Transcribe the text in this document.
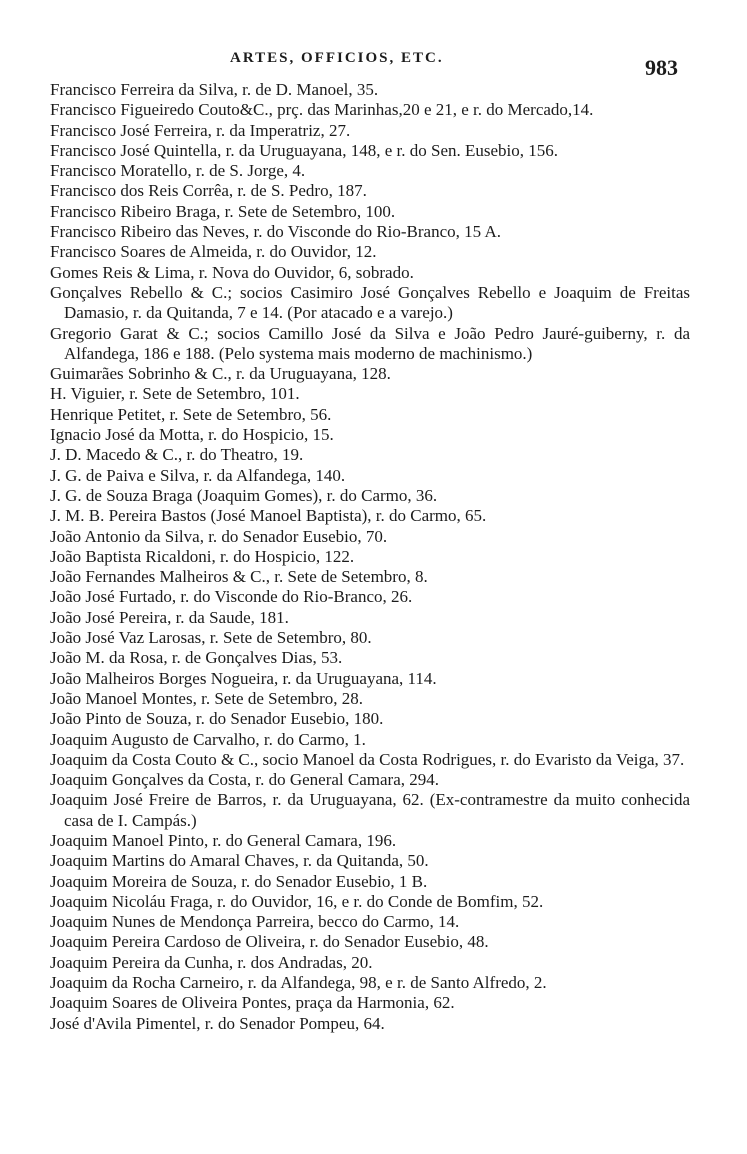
ARTES, OFFICIOS, ETC.	983
Francisco Ferreira da Silva, r. de D. Manoel, 35.
Francisco Figueiredo Couto&C., prç. das Marinhas,20 e 21, e r. do Mercado,14.
Francisco José Ferreira, r. da Imperatriz, 27.
Francisco José Quintella, r. da Uruguayana, 148, e r. do Sen. Eusebio, 156.
Francisco Moratello, r. de S. Jorge, 4.
Francisco dos Reis Corrêa, r. de S. Pedro, 187.
Francisco Ribeiro Braga, r. Sete de Setembro, 100.
Francisco Ribeiro das Neves, r. do Visconde do Rio-Branco, 15 A.
Francisco Soares de Almeida, r. do Ouvidor, 12.
Gomes Reis & Lima, r. Nova do Ouvidor, 6, sobrado.
Gonçalves Rebello & C.; socios Casimiro José Gonçalves Rebello e Joaquim de Freitas Damasio, r. da Quitanda, 7 e 14. (Por atacado e a varejo.)
Gregorio Garat & C.; socios Camillo José da Silva e João Pedro Jauré-guiberny, r. da Alfandega, 186 e 188. (Pelo systema mais moderno de machinismo.)
Guimarães Sobrinho & C., r. da Uruguayana, 128.
H. Viguier, r. Sete de Setembro, 101.
Henrique Petitet, r. Sete de Setembro, 56.
Ignacio José da Motta, r. do Hospicio, 15.
J. D. Macedo & C., r. do Theatro, 19.
J. G. de Paiva e Silva, r. da Alfandega, 140.
J. G. de Souza Braga (Joaquim Gomes), r. do Carmo, 36.
J. M. B. Pereira Bastos (José Manoel Baptista), r. do Carmo, 65.
João Antonio da Silva, r. do Senador Eusebio, 70.
João Baptista Ricaldoni, r. do Hospicio, 122.
João Fernandes Malheiros & C., r. Sete de Setembro, 8.
João José Furtado, r. do Visconde do Rio-Branco, 26.
João José Pereira, r. da Saude, 181.
João José Vaz Larosas, r. Sete de Setembro, 80.
João M. da Rosa, r. de Gonçalves Dias, 53.
João Malheiros Borges Nogueira, r. da Uruguayana, 114.
João Manoel Montes, r. Sete de Setembro, 28.
João Pinto de Souza, r. do Senador Eusebio, 180.
Joaquim Augusto de Carvalho, r. do Carmo, 1.
Joaquim da Costa Couto & C., socio Manoel da Costa Rodrigues, r. do Evaristo da Veiga, 37.
Joaquim Gonçalves da Costa, r. do General Camara, 294.
Joaquim José Freire de Barros, r. da Uruguayana, 62. (Ex-contramestre da muito conhecida casa de I. Campás.)
Joaquim Manoel Pinto, r. do General Camara, 196.
Joaquim Martins do Amaral Chaves, r. da Quitanda, 50.
Joaquim Moreira de Souza, r. do Senador Eusebio, 1 B.
Joaquim Nicoláu Fraga, r. do Ouvidor, 16, e r. do Conde de Bomfim, 52.
Joaquim Nunes de Mendonça Parreira, becco do Carmo, 14.
Joaquim Pereira Cardoso de Oliveira, r. do Senador Eusebio, 48.
Joaquim Pereira da Cunha, r. dos Andradas, 20.
Joaquim da Rocha Carneiro, r. da Alfandega, 98, e r. de Santo Alfredo, 2.
Joaquim Soares de Oliveira Pontes, praça da Harmonia, 62.
José d'Avila Pimentel, r. do Senador Pompeu, 64.
